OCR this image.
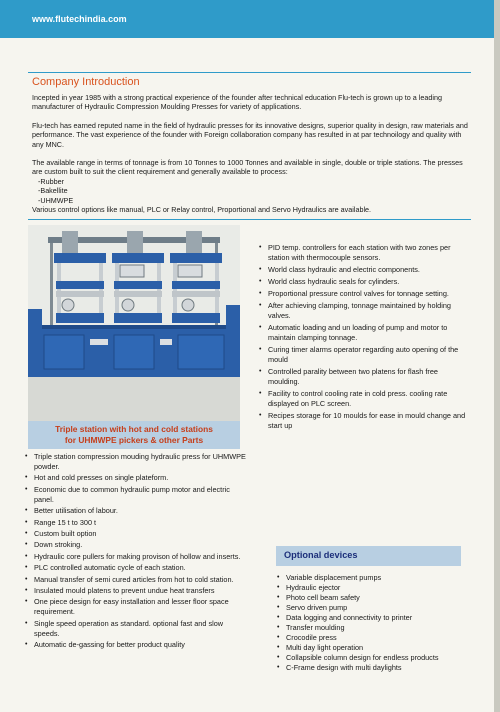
www.flutechindia.com
Company Introduction

Incepted in year 1985 with a strong practical experience of the founder after technical education Flu-tech is grown up to a leading manufacturer of Hydraulic Compression Moulding Presses for variety of applications.

Flu-tech has earned reputed name in the field of hydraulic presses for its innovative designs, superior quality in design, raw materials and performance. The vast experience of the founder with Foreign collaboration company has resulted in at par technoilogy and quality with any MNC.

The available range in terms of tonnage is from 10 Tonnes to 1000 Tonnes and available in single, double or triple stations. The presses are custom built to suit the client requirement and generally available to process:

-Rubber
-Bakellite
-UHMWPE
Various control options like manual, PLC or Relay control, Proportional and Servo Hydraulics are available.
Triple station with hot and cold stations
for UHMWPE pickers & other Parts
• PID temp. controllers for each station with two zones per station with thermocouple sensors.
• World class hydraulic and electric components.
• World class hydraulic seals for cylinders.
• Proportional pressure control valves for tonnage setting.
• After achieving clamping, tonnage maintained by holding valves.
• Automatic loading and un loading of pump and motor to maintain clamping tonnage.
• Curing timer alarms operator regarding auto opening of the mould
• Controlled parality between two platens for flash free moulding.
• Facility to control cooling rate in cold press. cooling rate displayed on PLC screen.
• Recipes storage for 10 moulds for ease in mould change and start up
• Triple station compression mouding hydraulic press for UHMWPE powder.
• Hot and cold presses on single plateform.
• Economic due to common hydraulic pump motor and electric panel.
• Better utilisation of labour.
• Range 15 t to 300 t
• Custom built option
• Down stroking.
• Hydraulic core pullers for making provison of hollow and inserts.
• PLC controlled automatic cycle of each station.
• Manual transfer of semi cured articles from hot to cold station.
• Insulated mould platens to prevent undue heat transfers
• One piece design for easy installation and lesser floor space requirement.
• Single speed operation as standard. optional fast and slow speeds.
• Automatic de-gassing for better product quality
Optional devices
• Variable displacement pumps
• Hydraulic ejector
• Photo cell beam safety
• Servo driven pump
• Data logging and connectivity to printer
• Transfer moulding
• Crocodile press
• Multi day light operation
• Collapsible column design for endless products
• C-Frame design with multi daylights
